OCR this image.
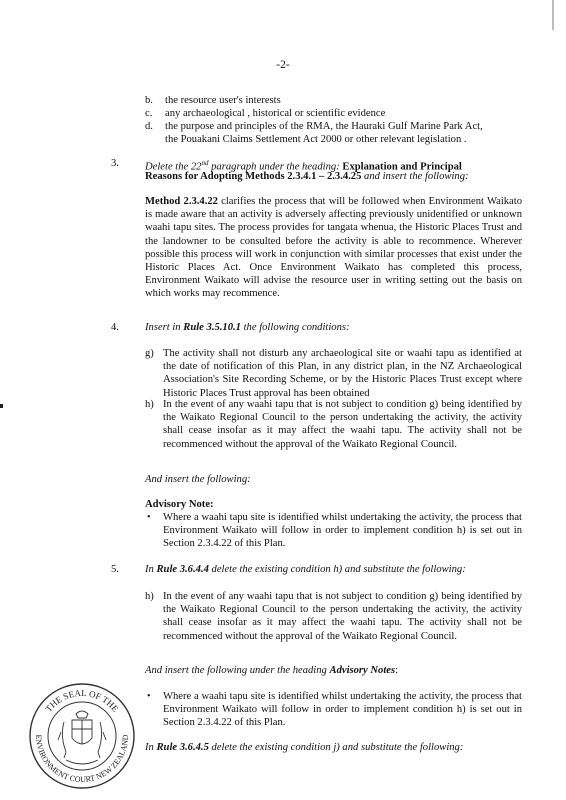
-2-
b. the resource user's interests
c. any archaeological , historical or scientific evidence
d. the purpose and principles of the RMA, the Hauraki Gulf Marine Park Act,
the Pouakani Claims Settlement Act 2000 or other relevant legislation .
3. Delete the 22nd paragraph under the heading: Explanation and Principal
Reasons for Adopting Methods 2.3.4.1 – 2.3.4.25 and insert the following:
Method 2.3.4.22 clarifies the process that will be followed when Environment Waikato is made aware that an activity is adversely affecting previously unidentified or unknown waahi tapu sites. The process provides for tangata whenua, the Historic Places Trust and the landowner to be consulted before the activity is able to recommence. Wherever possible this process will work in conjunction with similar processes that exist under the Historic Places Act. Once Environment Waikato has completed this process, Environment Waikato will advise the resource user in writing setting out the basis on which works may recommence.
4. Insert in Rule 3.5.10.1 the following conditions:
g) The activity shall not disturb any archaeological site or waahi tapu as identified at the date of notification of this Plan, in any district plan, in the NZ Archaeological Association's Site Recording Scheme, or by the Historic Places Trust except where Historic Places Trust approval has been obtained
h) In the event of any waahi tapu that is not subject to condition g) being identified by the Waikato Regional Council to the person undertaking the activity, the activity shall cease insofar as it may affect the waahi tapu. The activity shall not be recommenced without the approval of the Waikato Regional Council.
And insert the following:
Advisory Note:
• Where a waahi tapu site is identified whilst undertaking the activity, the process that Environment Waikato will follow in order to implement condition h) is set out in Section 2.3.4.22 of this Plan.
5. In Rule 3.6.4.4 delete the existing condition h) and substitute the following:
h) In the event of any waahi tapu that is not subject to condition g) being identified by the Waikato Regional Council to the person undertaking the activity, the activity shall cease insofar as it may affect the waahi tapu. The activity shall not be recommenced without the approval of the Waikato Regional Council.
And insert the following under the heading Advisory Notes:
• Where a waahi tapu site is identified whilst undertaking the activity, the process that Environment Waikato will follow in order to implement condition h) is set out in Section 2.3.4.22 of this Plan.
In Rule 3.6.4.5 delete the existing condition j) and substitute the following:
THE SEAL OF THE
ENVIRONMENT COURT NEW ZEALAND
